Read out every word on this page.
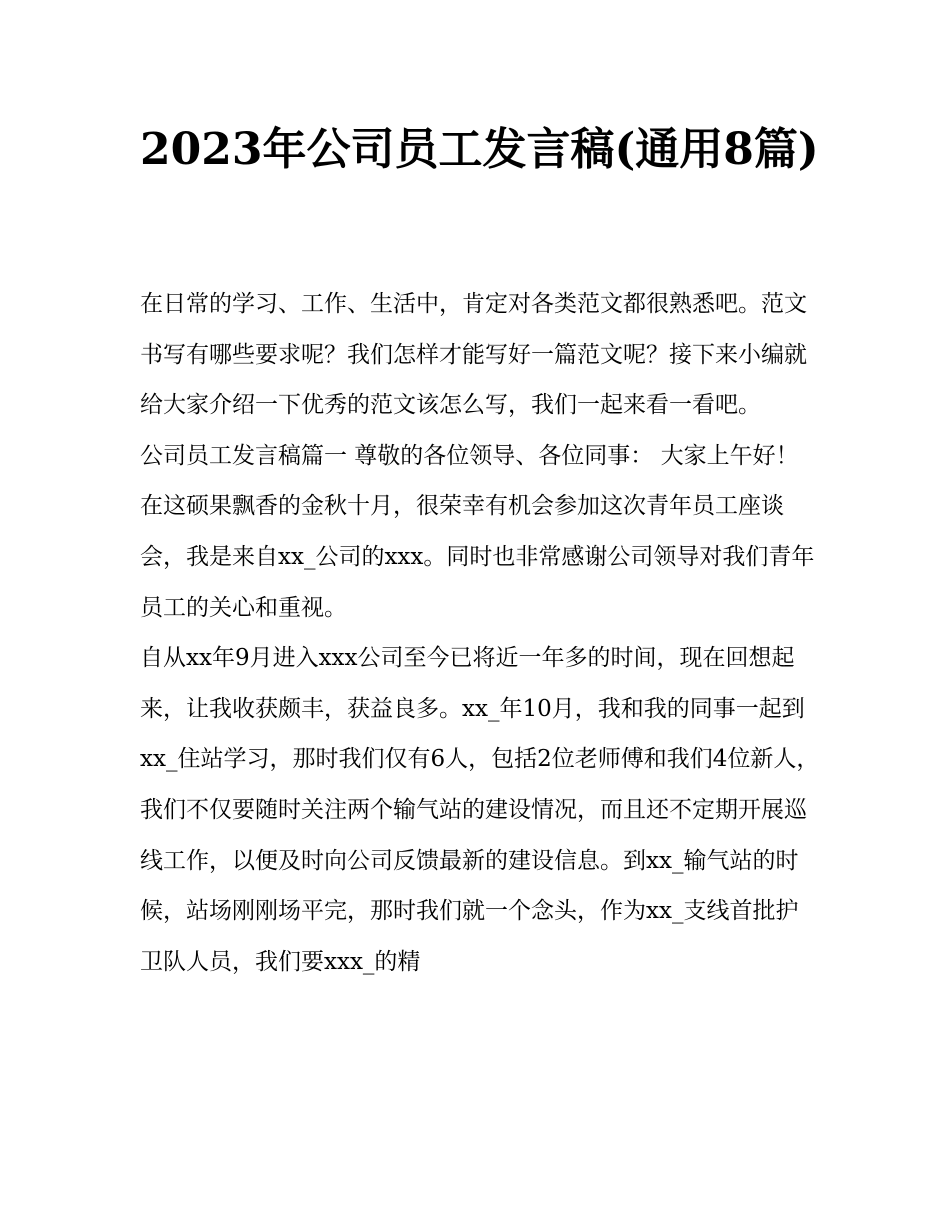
2023年公司员工发言稿(通用8篇)

在日常的学习、工作、生活中，肯定对各类范文都很熟悉吧。范文书写有哪些要求呢？我们怎样才能写好一篇范文呢？接下来小编就给大家介绍一下优秀的范文该怎么写，我们一起来看一看吧。

公司员工发言稿篇一 尊敬的各位领导、各位同事： 大家上午好！

在这硕果飘香的金秋十月，很荣幸有机会参加这次青年员工座谈会，我是来自xx_公司的xxx。同时也非常感谢公司领导对我们青年员工的关心和重视。

自从xx年9月进入xxx公司至今已将近一年多的时间，现在回想起来，让我收获颇丰，获益良多。xx_年10月，我和我的同事一起到xx_住站学习，那时我们仅有6人，包括2位老师傅和我们4位新人，我们不仅要随时关注两个输气站的建设情况，而且还不定期开展巡线工作，以便及时向公司反馈最新的建设信息。到xx_输气站的时候，站场刚刚场平完，那时我们就一个念头，作为xx_支线首批护卫队人员，我们要xxx_的精
